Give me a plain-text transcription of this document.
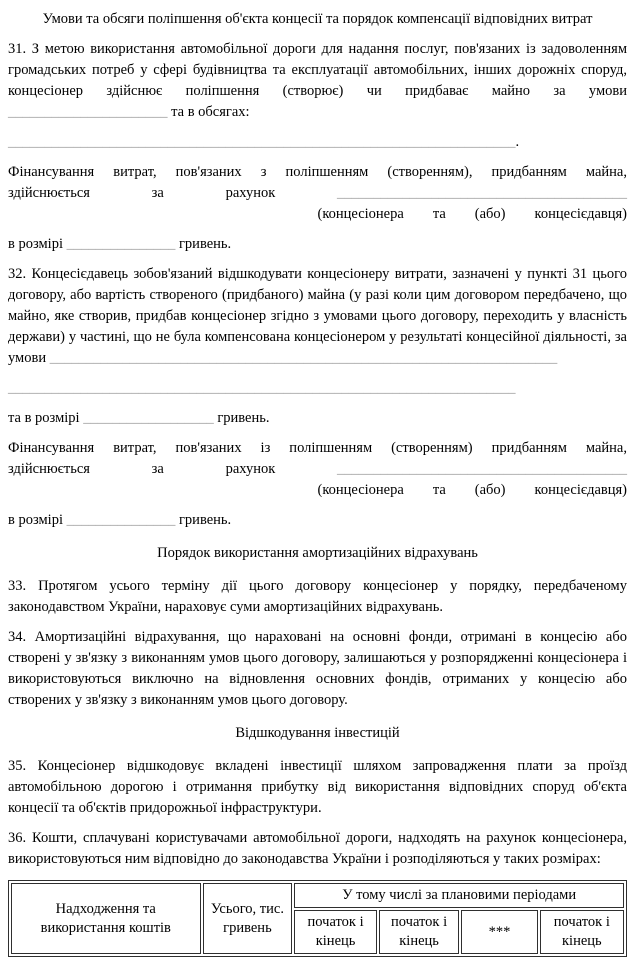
Умови та обсяги поліпшення об'єкта концесії та порядок компенсації відповідних витрат

31. З метою використання автомобільної дороги для надання послуг, пов'язаних із задоволенням громадських потреб у сфері будівництва та експлуатації автомобільних, інших дорожніх споруд, концесіонер здійснює поліпшення (створює) чи придбаває майно за умови ______________________ та в обсягах:

______________________________________________________________________.

Фінансування витрат, пов'язаних з поліпшенням (створенням), придбанням майна,
здійснюється за рахунок	________________________________________
(концесіонера та (або) концесієдавця)

в розмірі _______________ гривень.

32. Концесієдавець зобов'язаний відшкодувати концесіонеру витрати, зазначені у пункті 31 цього договору, або вартість створеного (придбаного) майна (у разі коли цим договором передбачено, що майно, яке створив, придбав концесіонер згідно з умовами цього договору, переходить у власність держави) у частині, що не була компенсована концесіонером у результаті концесійної діяльності, за умови ______________________________________________________________________

______________________________________________________________________

та в розмірі __________________ гривень.

Фінансування витрат, пов'язаних із поліпшенням (створенням) придбанням майна,
здійснюється за рахунок	________________________________________
(концесіонера та (або) концесієдавця)

в розмірі _______________ гривень.

Порядок використання амортизаційних відрахувань

33. Протягом усього терміну дії цього договору концесіонер у порядку, передбаченому законодавством України, нараховує суми амортизаційних відрахувань.

34. Амортизаційні відрахування, що нараховані на основні фонди, отримані в концесію або створені у зв'язку з виконанням умов цього договору, залишаються у розпорядженні концесіонера і використовуються виключно на відновлення основних фондів, отриманих у концесію або створених у зв'язку з виконанням умов цього договору.

Відшкодування інвестицій

35. Концесіонер відшкодовує вкладені інвестиції шляхом запровадження плати за проїзд автомобільною дорогою і отримання прибутку від використання відповідних споруд об'єкта концесії та об'єктів придорожньої інфраструктури.

36. Кошти, сплачувані користувачами автомобільної дороги, надходять на рахунок концесіонера, використовуються ним відповідно до законодавства України і розподіляються у таких розмірах:

Надходження та використання коштів	Усього, тис. гривень	У тому числі за плановими періодами			
		початок і кінець	початок і кінець	***	початок і кінець
